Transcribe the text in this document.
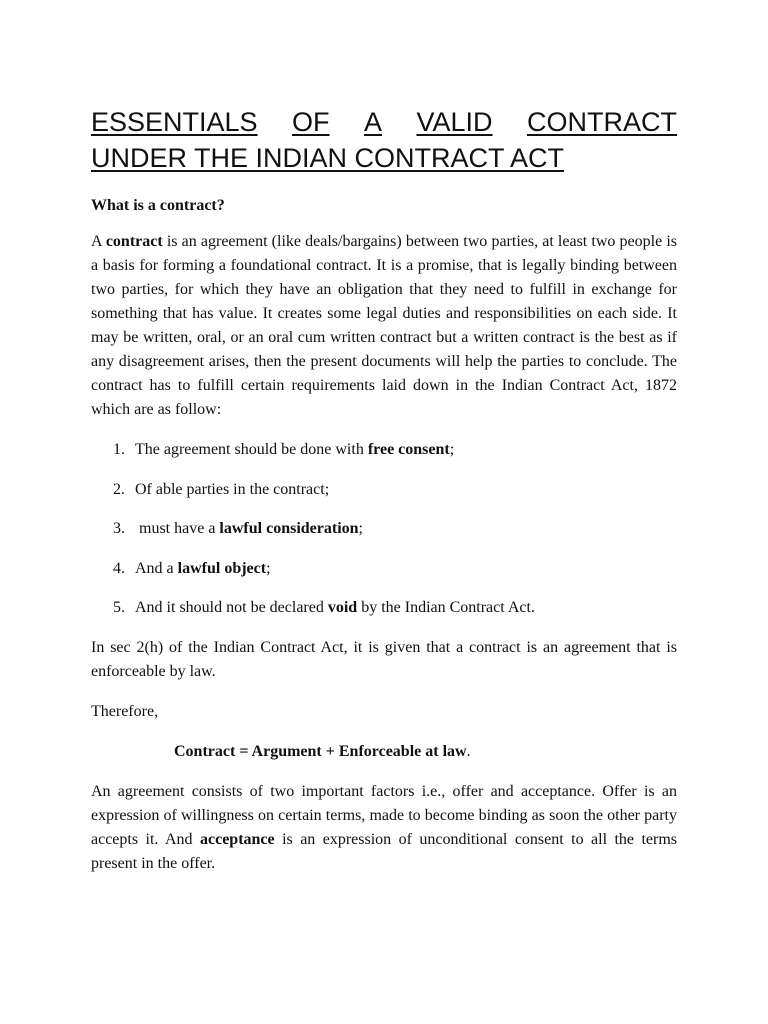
ESSENTIALS OF A VALID CONTRACT
UNDER THE INDIAN CONTRACT ACT
What is a contract?

A contract is an agreement (like deals/bargains) between two parties, at least two people is a basis for forming a foundational contract. It is a promise, that is legally binding between two parties, for which they have an obligation that they need to fulfill in exchange for something that has value. It creates some legal duties and responsibilities on each side. It may be written, oral, or an oral cum written contract but a written contract is the best as if any disagreement arises, then the present documents will help the parties to conclude. The contract has to fulfill certain requirements laid down in the Indian Contract Act, 1872 which are as follow:

1. The agreement should be done with free consent;
2. Of able parties in the contract;
3. must have a lawful consideration;
4. And a lawful object;
5. And it should not be declared void by the Indian Contract Act.

In sec 2(h) of the Indian Contract Act, it is given that a contract is an agreement that is enforceable by law.

Therefore,

Contract = Argument + Enforceable at law.

An agreement consists of two important factors i.e., offer and acceptance. Offer is an expression of willingness on certain terms, made to become binding as soon the other party accepts it. And acceptance is an expression of unconditional consent to all the terms present in the offer.
